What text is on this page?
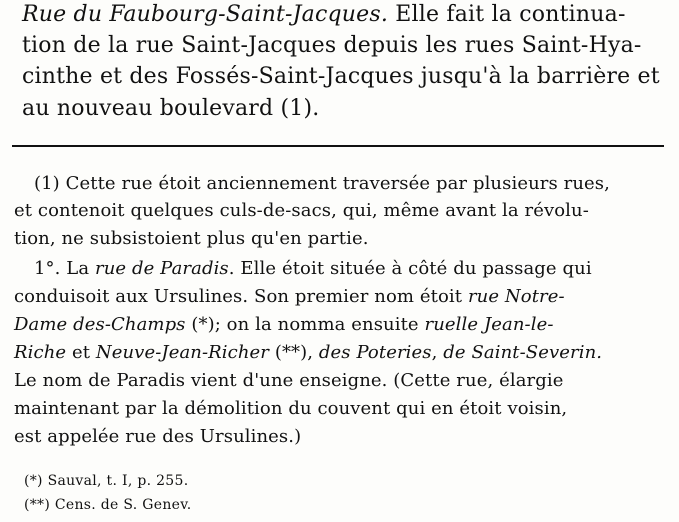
Rue du Faubourg-Saint-Jacques. Elle fait la continua-
tion de la rue Saint-Jacques depuis les rues Saint-Hya-
cinthe et des Fossés-Saint-Jacques jusqu'à la barrière et
au nouveau boulevard (1).
(1) Cette rue étoit anciennement traversée par plusieurs rues,
et contenoit quelques culs-de-sacs, qui, même avant la révolu-
tion, ne subsistoient plus qu'en partie.
1°. La rue de Paradis. Elle étoit située à côté du passage qui
conduisoit aux Ursulines. Son premier nom étoit rue Notre-
Dame des-Champs (*); on la nomma ensuite ruelle Jean-le-
Riche et Neuve-Jean-Richer (**), des Poteries, de Saint-Severin.
Le nom de Paradis vient d'une enseigne. (Cette rue, élargie
maintenant par la démolition du couvent qui en étoit voisin,
est appelée rue des Ursulines.)
(*) Sauval, t. I, p. 255.
(**) Cens. de S. Genev.
